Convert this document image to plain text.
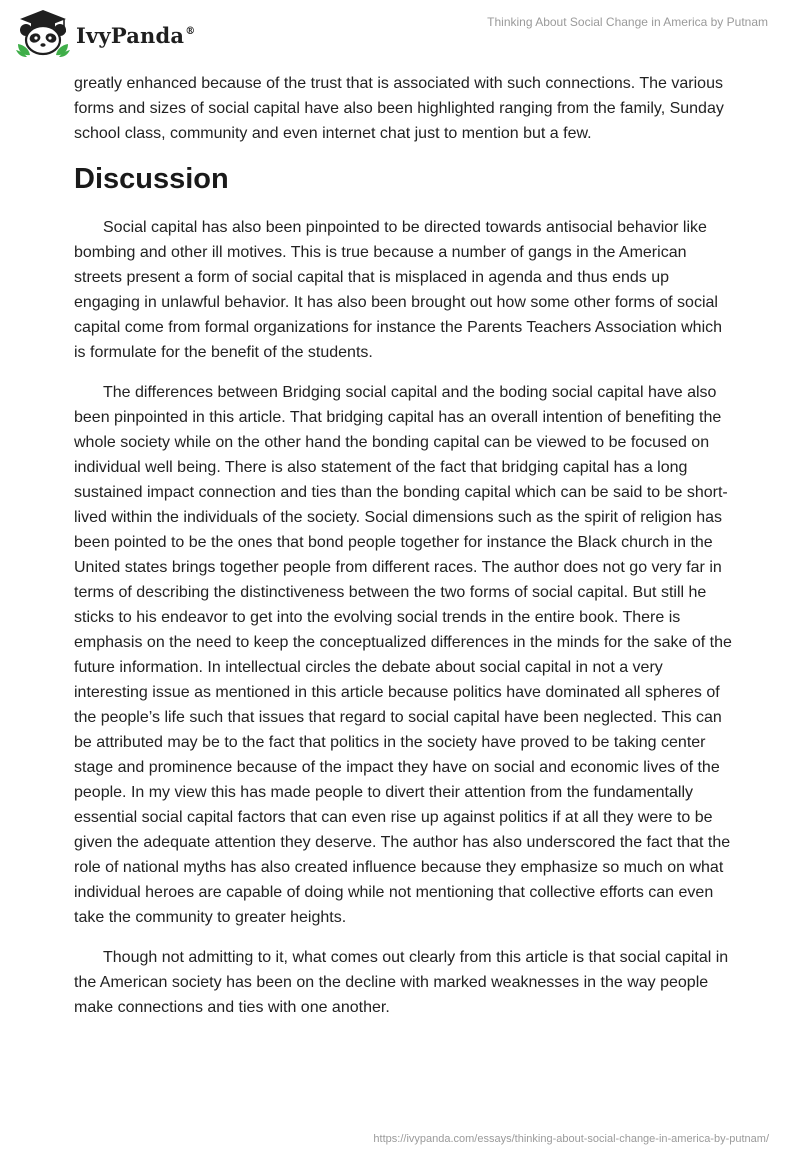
IvyPanda®
Thinking About Social Change in America by Putnam

greatly enhanced because of the trust that is associated with such connections. The various forms and sizes of social capital have also been highlighted ranging from the family, Sunday school class, community and even internet chat just to mention but a few.

Discussion

Social capital has also been pinpointed to be directed towards antisocial behavior like bombing and other ill motives. This is true because a number of gangs in the American streets present a form of social capital that is misplaced in agenda and thus ends up engaging in unlawful behavior. It has also been brought out how some other forms of social capital come from formal organizations for instance the Parents Teachers Association which is formulate for the benefit of the students.

The differences between Bridging social capital and the boding social capital have also been pinpointed in this article. That bridging capital has an overall intention of benefiting the whole society while on the other hand the bonding capital can be viewed to be focused on individual well being. There is also statement of the fact that bridging capital has a long sustained impact connection and ties than the bonding capital which can be said to be short-lived within the individuals of the society. Social dimensions such as the spirit of religion has been pointed to be the ones that bond people together for instance the Black church in the United states brings together people from different races. The author does not go very far in terms of describing the distinctiveness between the two forms of social capital. But still he sticks to his endeavor to get into the evolving social trends in the entire book. There is emphasis on the need to keep the conceptualized differences in the minds for the sake of the future information. In intellectual circles the debate about social capital in not a very interesting issue as mentioned in this article because politics have dominated all spheres of the people’s life such that issues that regard to social capital have been neglected. This can be attributed may be to the fact that politics in the society have proved to be taking center stage and prominence because of the impact they have on social and economic lives of the people. In my view this has made people to divert their attention from the fundamentally essential social capital factors that can even rise up against politics if at all they were to be given the adequate attention they deserve. The author has also underscored the fact that the role of national myths has also created influence because they emphasize so much on what individual heroes are capable of doing while not mentioning that collective efforts can even take the community to greater heights.

Though not admitting to it, what comes out clearly from this article is that social capital in the American society has been on the decline with marked weaknesses in the way people make connections and ties with one another.

https://ivypanda.com/essays/thinking-about-social-change-in-america-by-putnam/
